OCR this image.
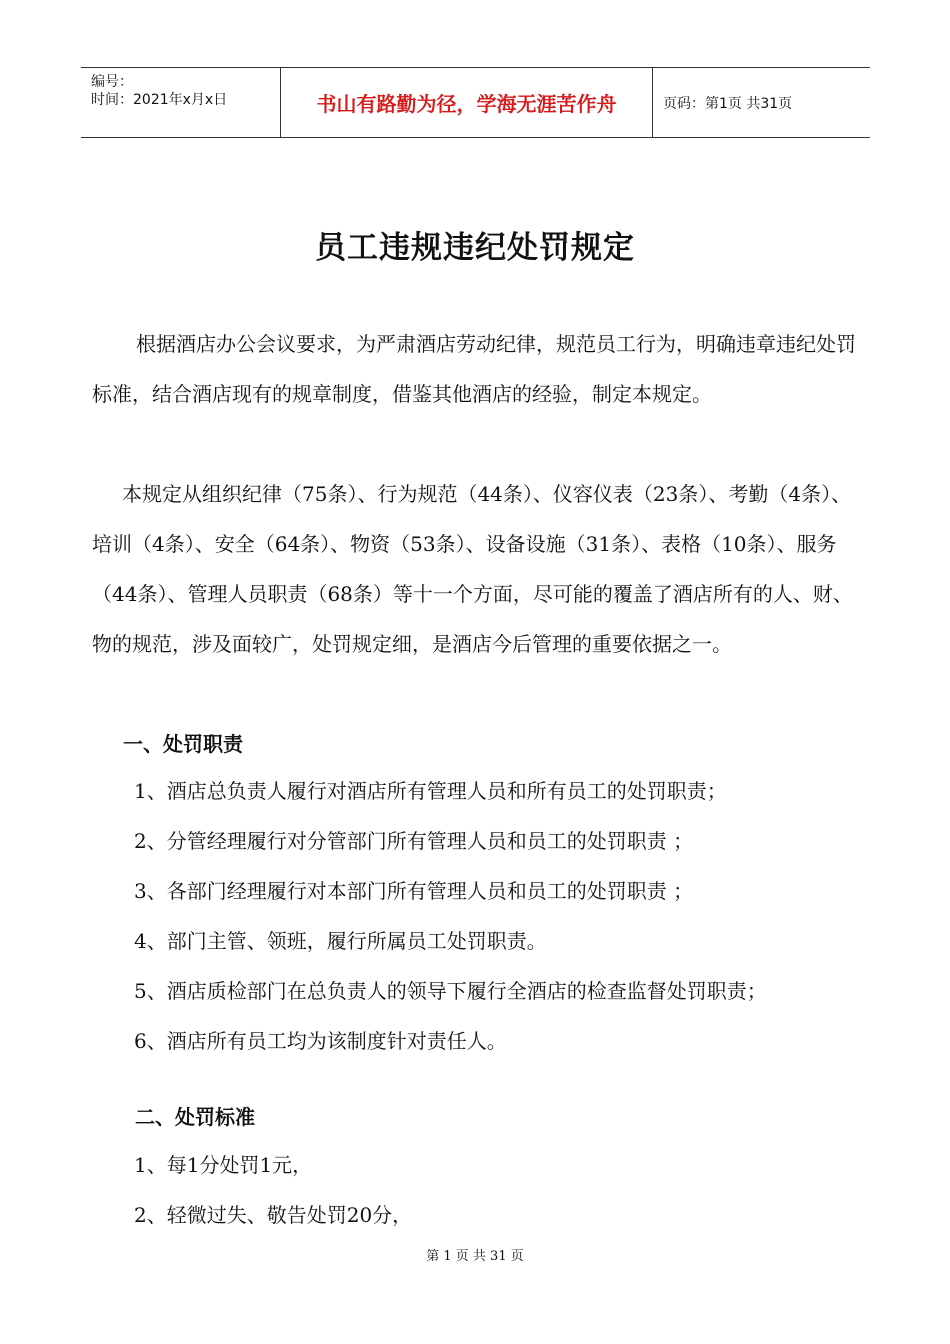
编号：
时间：2021年x月x日	书山有路勤为径，学海无涯苦作舟	页码：第1页 共31页
员工违规违纪处罚规定

根据酒店办公会议要求，为严肃酒店劳动纪律，规范员工行为，明确违章违纪处罚标准，结合酒店现有的规章制度，借鉴其他酒店的经验，制定本规定。

本规定从组织纪律（75条）、行为规范（44条）、仪容仪表（23条）、考勤（4条）、培训（4条）、安全（64条）、物资（53条）、设备设施（31条）、表格（10条）、服务（44条）、管理人员职责（68条）等十一个方面，尽可能的覆盖了酒店所有的人、财、物的规范，涉及面较广，处罚规定细，是酒店今后管理的重要依据之一。

一、处罚职责
1、酒店总负责人履行对酒店所有管理人员和所有员工的处罚职责；
2、分管经理履行对分管部门所有管理人员和员工的处罚职责 ；
3、各部门经理履行对本部门所有管理人员和员工的处罚职责 ；
4、部门主管、领班，履行所属员工处罚职责。
5、酒店质检部门在总负责人的领导下履行全酒店的检查监督处罚职责；
6、酒店所有员工均为该制度针对责任人。
二、处罚标准
1、每1分处罚1元，
2、轻微过失、敬告处罚20分，
第 1 页 共 31 页
